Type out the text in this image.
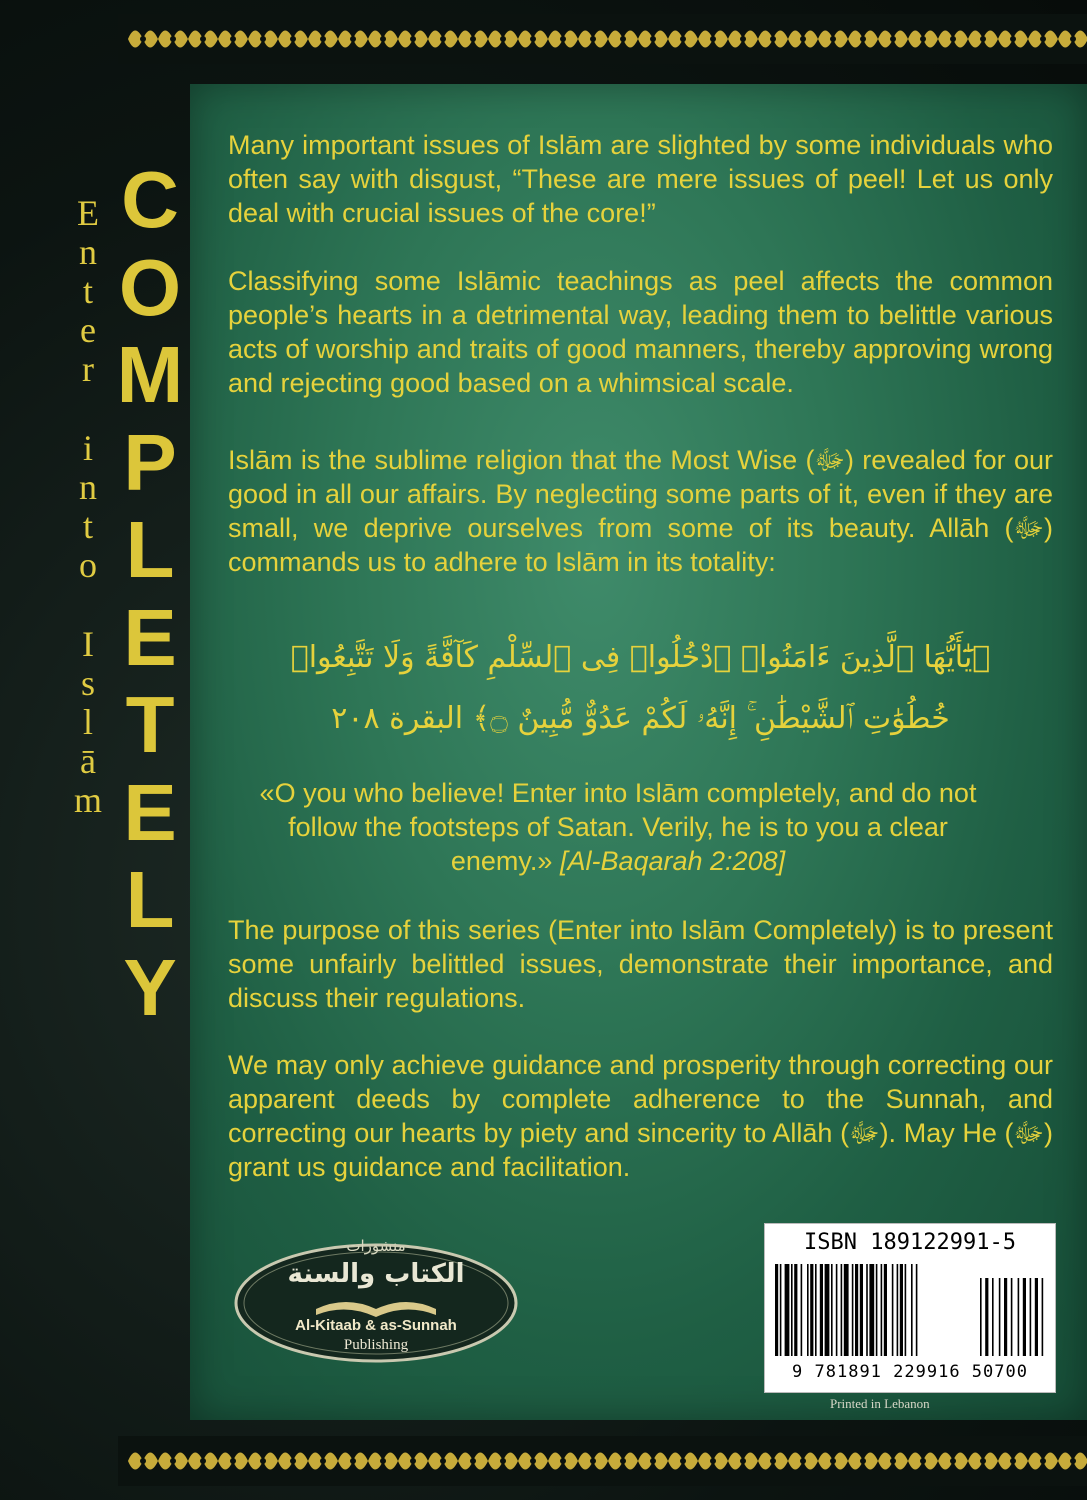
E
n
t
e
r
i
n
t
o
I
s
l
ā
m
C
O
M
P
L
E
T
E
L
Y

Many important issues of Islām are slighted by some individuals who often say with disgust, “These are mere issues of peel! Let us only deal with crucial issues of the core!”

Classifying some Islāmic teachings as peel affects the common people’s hearts in a detrimental way, leading them to belittle various acts of worship and traits of good manners, thereby approving wrong and rejecting good based on a whimsical scale.

Islām is the sublime religion that the Most Wise (ﷻ) revealed for our good in all our affairs. By neglecting some parts of it, even if they are small, we deprive ourselves from some of its beauty. Allāh (ﷻ) commands us to adhere to Islām in its totality:

﴿يَٰٓأَيُّهَا ٱلَّذِينَ ءَامَنُوا۟ ٱدْخُلُوا۟ فِى ٱلسِّلْمِ كَآفَّةً وَلَا تَتَّبِعُوا۟

خُطُوَٰتِ ٱلشَّيْطَٰنِ ۚ إِنَّهُۥ لَكُمْ عَدُوٌّ مُّبِينٌ ۝﴾ البقرة ٢٠٨

«O you who believe! Enter into Islām completely, and do not follow the footsteps of Satan. Verily, he is to you a clear enemy.» [Al-Baqarah 2:208]

The purpose of this series (Enter into Islām Completely) is to present some unfairly belittled issues, demonstrate their importance, and discuss their regulations.

We may only achieve guidance and prosperity through correcting our apparent deeds by complete adherence to the Sunnah, and correcting our hearts by piety and sincerity to Allāh (ﷻ). May He (ﷻ) grant us guidance and facilitation.

منشورات
الكتاب والسنة
Al-Kitaab & as-Sunnah
Publishing
ISBN 189122991-5
9 781891 229916 50700
Printed in Lebanon
